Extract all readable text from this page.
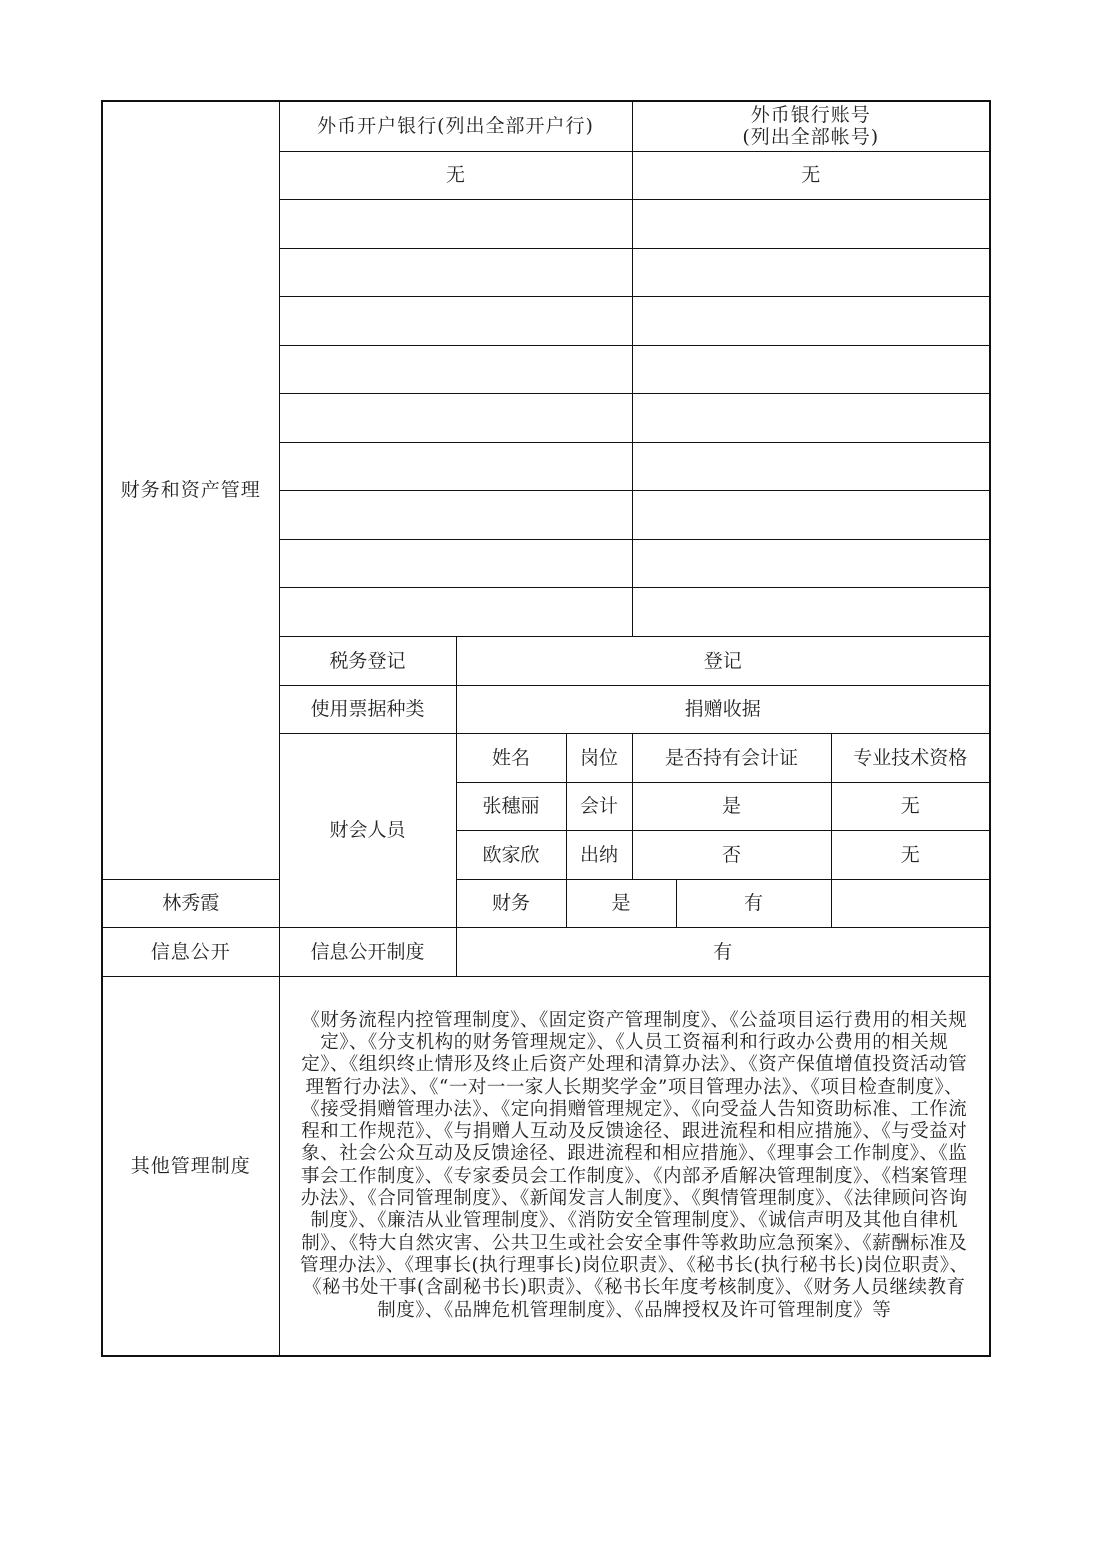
财务和资产管理	外币开户银行(列出全部开户行)			外币银行账号
(列出全部帐号)		

	无			无		

	税务登记	登记				
	使用票据种类	捐赠收据				
	财会人员	姓名	岗位	是否持有会计证		专业技术资格
		张穗丽	会计	是		无
		欧家欣	出纳	否		无
林秀霞		财务	是		有	
信息公开	信息公开制度	有				
其他管理制度	《财务流程内控管理制度》、《固定资产管理制度》、《公益项目运行费用的相关规定》、《分支机构的财务管理规定》、《人员工资福利和行政办公费用的相关规定》、《组织终止情形及终止后资产处理和清算办法》、《资产保值增值投资活动管理暂行办法》、《“一对一一家人长期奖学金”项目管理办法》、《项目检查制度》、《接受捐赠管理办法》、《定向捐赠管理规定》、《向受益人告知资助标准、工作流程和工作规范》、《与捐赠人互动及反馈途径、跟进流程和相应措施》、《与受益对象、社会公众互动及反馈途径、跟进流程和相应措施》、《理事会工作制度》、《监事会工作制度》、《专家委员会工作制度》、《内部矛盾解决管理制度》、《档案管理办法》、《合同管理制度》、《新闻发言人制度》、《舆情管理制度》、《法律顾问咨询制度》、《廉洁从业管理制度》、《消防安全管理制度》、《诚信声明及其他自律机制》、《特大自然灾害、公共卫生或社会安全事件等救助应急预案》、《薪酬标准及管理办法》、《理事长(执行理事长)岗位职责》、《秘书长(执行秘书长)岗位职责》、《秘书处干事(含副秘书长)职责》、《秘书长年度考核制度》、《财务人员继续教育制度》、《品牌危机管理制度》、《品牌授权及许可管理制度》等					
